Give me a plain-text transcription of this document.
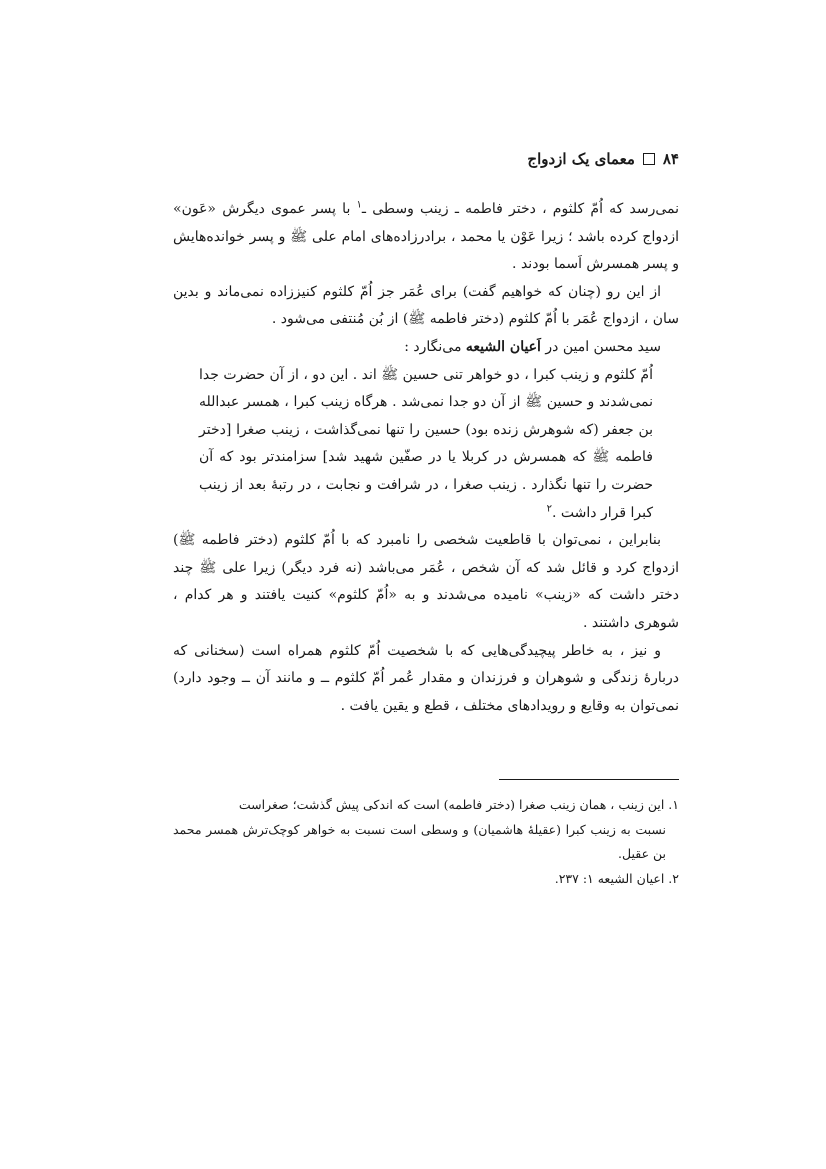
۸۴
معمای یک ازدواج

نمی‌رسد که اُمّ کلثوم ، دختر فاطمه ـ زینب وسطی ـ$^۱$ با پسر عموی دیگرش «عَون» ازدواج کرده باشد ؛ زیرا عَوْن یا محمد ، برادرزاده‌های امام علی ﷺ و پسر خوانده‌هایش و پسر همسرش اَسما بودند .

از این رو (چنان که خواهیم گفت) برای عُمَر جز اُمّ کلثوم کنیززاده نمی‌ماند و بدین سان ، ازدواج عُمَر با اُمّ کلثوم (دختر فاطمه ﷺ) از بُن مُنتفی می‌شود .

سید محسن امین در اَعیان الشیعه می‌نگارد :

اُمّ کلثوم و زینب کبرا ، دو خواهر تنی حسین ﷺ اند . این دو ، از آن حضرت جدا نمی‌شدند و حسین ﷺ از آن دو جدا نمی‌شد . هرگاه زینب کبرا ، همسر عبدالله بن جعفر (که شوهرش زنده بود) حسین را تنها نمی‌گذاشت ، زینب صغرا [دختر فاطمه ﷺ که همسرش در کربلا یا در صفّین شهید شد] سزامندتر بود که آن حضرت را تنها نگذارد . زینب صغرا ، در شرافت و نجابت ، در رتبهٔ بعد از زینب کبرا قرار داشت .$^۲$

بنابراین ، نمی‌توان با قاطعیت شخصی را نامبرد که با اُمّ کلثوم (دختر فاطمه ﷺ) ازدواج کرد و قائل شد که آن شخص ، عُمَر می‌باشد (نه فرد دیگر) زیرا علی ﷺ چند دختر داشت که «زینب» نامیده می‌شدند و به «اُمّ کلثوم» کنیت یافتند و هر کدام ، شوهری داشتند .

و نیز ، به خاطر پیچیدگی‌هایی که با شخصیت اُمّ کلثوم همراه است (سخنانی که دربارهٔ زندگی و شوهران و فرزندان و مقدار عُمر اُمّ کلثوم ــ و مانند آن ــ وجود دارد) نمی‌توان به وقایع و رویدادهای مختلف ، قطع و یقین یافت .

۱. این زینب ، همان زینب صغرا (دختر فاطمه) است که اندکی پیش گذشت؛ صغراست

نسبت به زینب کبرا (عقیلهٔ هاشمیان) و وسطی است نسبت به خواهر کوچک‌ترش همسر محمد بن عقیل.

۲. اعیان الشیعه ۱: ۲۳۷.
